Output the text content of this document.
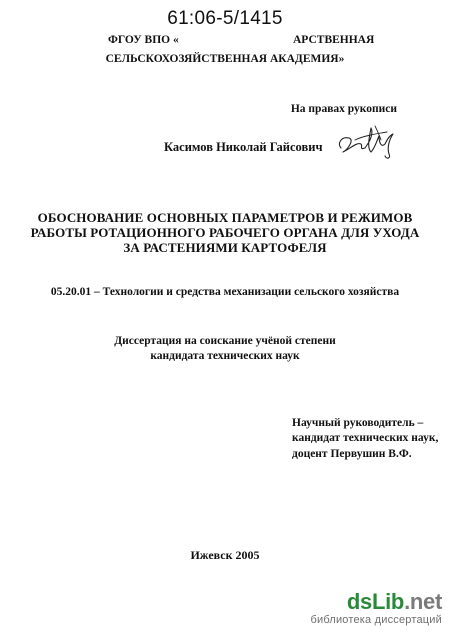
61:06-5/1415
ФГОУ ВПО «	АРСТВЕННАЯ
СЕЛЬСКОХОЗЯЙСТВЕННАЯ АКАДЕМИЯ»
На правах рукописи
Касимов Николай Гайсович
ОБОСНОВАНИЕ ОСНОВНЫХ ПАРАМЕТРОВ И РЕЖИМОВ
РАБОТЫ РОТАЦИОННОГО РАБОЧЕГО ОРГАНА ДЛЯ УХОДА
ЗА РАСТЕНИЯМИ КАРТОФЕЛЯ
05.20.01 – Технологии и средства механизации сельского хозяйства
Диссертация на соискание учёной степени
кандидата технических наук
Научный руководитель –
кандидат технических наук,
доцент Первушин В.Ф.
Ижевск 2005
dsLib.net
библиотека диссертаций
